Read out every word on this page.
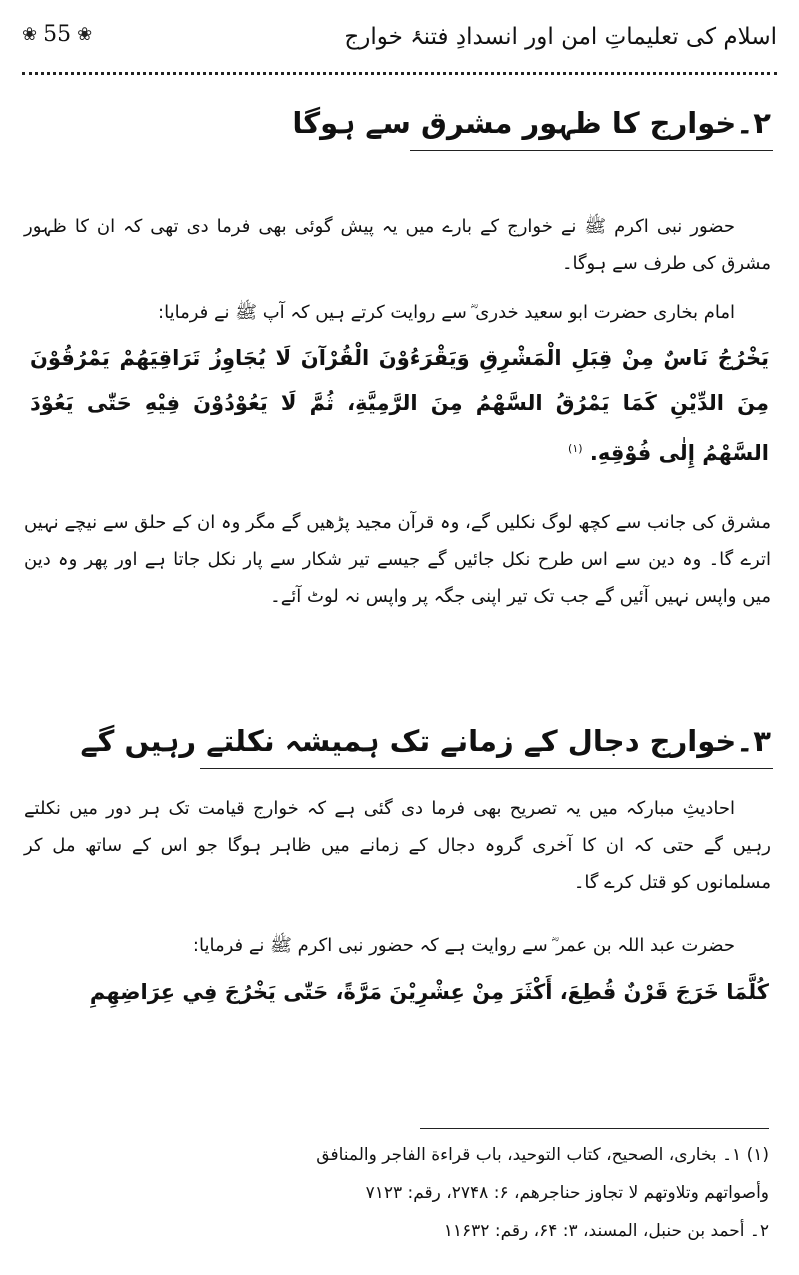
❀ 55 ❀	اسلام کی تعلیماتِ امن اور انسدادِ فتنۂ خوارج
۲۔خوارج کا ظہور مشرق سے ہوگا
حضور نبی اکرم ﷺ نے خوارج کے بارے میں یہ پیش گوئی بھی فرما دی تھی کہ ان کا ظہور مشرق کی طرف سے ہوگا۔
امام بخاری حضرت ابو سعید خدری ؓ سے روایت کرتے ہیں کہ آپ ﷺ نے فرمایا:
يَخْرُجُ نَاسٌ مِنْ قِبَلِ الْمَشْرِقِ وَيَقْرَءُوْنَ الْقُرْآنَ لَا يُجَاوِزُ تَرَاقِيَهُمْ يَمْرُقُوْنَ مِنَ الدِّيْنِ كَمَا يَمْرُقُ السَّهْمُ مِنَ الرَّمِيَّةِ، ثُمَّ لَا يَعُوْدُوْنَ فِيْهِ حَتّٰى يَعُوْدَ السَّهْمُ إِلٰى فُوْقِهِ. $^{(۱)}$
مشرق کی جانب سے کچھ لوگ نکلیں گے، وہ قرآن مجید پڑھیں گے مگر وہ ان کے حلق سے نیچے نہیں اترے گا۔ وہ دین سے اس طرح نکل جائیں گے جیسے تیر شکار سے پار نکل جاتا ہے اور پھر وہ دین میں واپس نہیں آئیں گے جب تک تیر اپنی جگہ پر واپس نہ لوٹ آئے۔
۳۔خوارج دجال کے زمانے تک ہمیشہ نکلتے رہیں گے
احادیثِ مبارکہ میں یہ تصریح بھی فرما دی گئی ہے کہ خوارج قیامت تک ہر دور میں نکلتے رہیں گے حتی کہ ان کا آخری گروہ دجال کے زمانے میں ظاہر ہوگا جو اس کے ساتھ مل کر مسلمانوں کو قتل کرے گا۔
حضرت عبد اللہ بن عمر ؓ سے روایت ہے کہ حضور نبی اکرم ﷺ نے فرمایا:
كُلَّمَا خَرَجَ قَرْنٌ قُطِعَ، أَكْثَرَ مِنْ عِشْرِيْنَ مَرَّةً، حَتّٰى يَخْرُجَ فِي عِرَاضِهِمِ
(۱) ۱۔ بخاری، الصحيح، كتاب التوحيد، باب قراءة الفاجر والمنافق
وأصواتهم وتلاوتهم لا تجاوز حناجرهم، ۶: ۲۷۴۸، رقم: ۷۱۲۳
۲۔ أحمد بن حنبل، المسند، ۳: ۶۴، رقم: ۱۱۶۳۲
